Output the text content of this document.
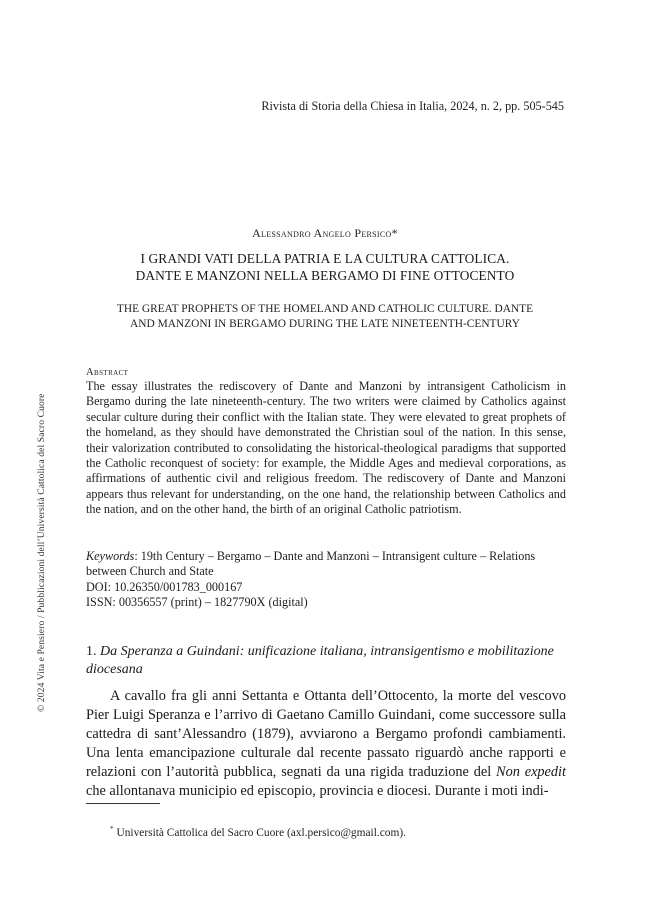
Rivista di Storia della Chiesa in Italia, 2024, n. 2, pp. 505-545
Alessandro Angelo Persico*
I GRANDI VATI DELLA PATRIA E LA CULTURA CATTOLICA.
DANTE E MANZONI NELLA BERGAMO DI FINE OTTOCENTO
THE GREAT PROPHETS OF THE HOMELAND AND CATHOLIC CULTURE. DANTE
AND MANZONI IN BERGAMO DURING THE LATE NINETEENTH-CENTURY
Abstract

The essay illustrates the rediscovery of Dante and Manzoni by intransigent Catholicism in Bergamo during the late nineteenth-century. The two writers were claimed by Catholics against secular culture during their conflict with the Italian state. They were elevated to great prophets of the homeland, as they should have demonstrated the Christian soul of the nation. In this sense, their valorization contributed to consolidating the historical-theological paradigms that supported the Catholic reconquest of society: for example, the Middle Ages and medieval corporations, as affirmations of authentic civil and religious freedom. The rediscovery of Dante and Manzoni appears thus relevant for understanding, on the one hand, the relationship between Catholics and the nation, and on the other hand, the birth of an original Catholic patriotism.

Keywords: 19th Century – Bergamo – Dante and Manzoni – Intransigent culture – Relations between Church and State
DOI: 10.26350/001783_000167
ISSN: 00356557 (print) – 1827790X (digital)
1. Da Speranza a Guindani: unificazione italiana, intransigentismo e mobilitazione diocesana

A cavallo fra gli anni Settanta e Ottanta dell’Ottocento, la morte del vescovo Pier Luigi Speranza e l’arrivo di Gaetano Camillo Guindani, come successore sulla cattedra di sant’Alessandro (1879), avviarono a Bergamo profondi cambiamenti. Una lenta emancipazione culturale dal recente passato riguardò anche rapporti e relazioni con l’autorità pubblica, segnati da una rigida traduzione del Non expedit che allontanava municipio ed episcopio, provincia e diocesi. Durante i moti indi-

* Università Cattolica del Sacro Cuore (axl.persico@gmail.com).
© 2024 Vita e Pensiero / Pubblicazioni dell’Università Cattolica del Sacro Cuore
